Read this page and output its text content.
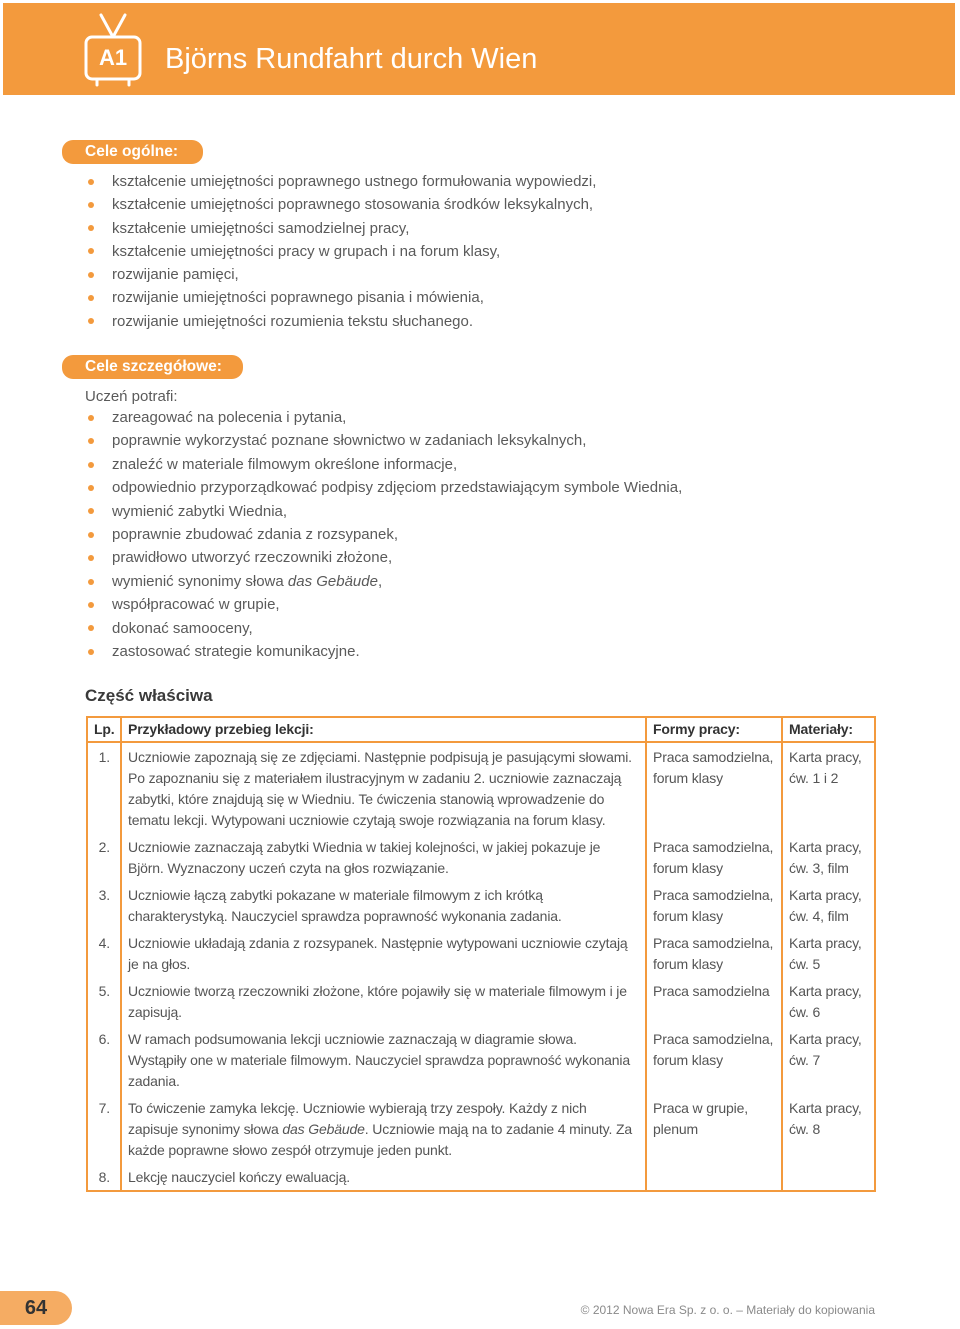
A1	Björns Rundfahrt durch Wien
Cele ogólne:
kształcenie umiejętności poprawnego ustnego formułowania wypowiedzi,
kształcenie umiejętności poprawnego stosowania środków leksykalnych,
kształcenie umiejętności samodzielnej pracy,
kształcenie umiejętności pracy w grupach i na forum klasy,
rozwijanie pamięci,
rozwijanie umiejętności poprawnego pisania i mówienia,
rozwijanie umiejętności rozumienia tekstu słuchanego.
Cele szczegółowe:
Uczeń potrafi:
zareagować na polecenia i pytania,
poprawnie wykorzystać poznane słownictwo w zadaniach leksykalnych,
znaleźć w materiale filmowym określone informacje,
odpowiednio przyporządkować podpisy zdjęciom przedstawiającym symbole Wiednia,
wymienić zabytki Wiednia,
poprawnie zbudować zdania z rozsypanek,
prawidłowo utworzyć rzeczowniki złożone,
wymienić synonimy słowa das Gebäude,
współpracować w grupie,
dokonać samooceny,
zastosować strategie komunikacyjne.
Część właściwa
Lp.	Przykładowy przebieg lekcji:	Formy pracy:	Materiały:
1.	Uczniowie zapoznają się ze zdjęciami. Następnie podpisują je pasującymi słowami. Po zapoznaniu się z materiałem ilustracyjnym w zadaniu 2. uczniowie zaznaczają zabytki, które znajdują się w Wiedniu. Te ćwiczenia stanowią wprowadzenie do tematu lekcji. Wytypowani uczniowie czytają swoje rozwiązania na forum klasy.	Praca samodzielna, forum klasy	Karta pracy, ćw. 1 i 2
2.	Uczniowie zaznaczają zabytki Wiednia w takiej kolejności, w jakiej pokazuje je Björn. Wyznaczony uczeń czyta na głos rozwiązanie.	Praca samodzielna, forum klasy	Karta pracy, ćw. 3, film
3.	Uczniowie łączą zabytki pokazane w materiale filmowym z ich krótką charakterystyką. Nauczyciel sprawdza poprawność wykonania zadania.	Praca samodzielna, forum klasy	Karta pracy, ćw. 4, film
4.	Uczniowie układają zdania z rozsypanek. Następnie wytypowani uczniowie czytają je na głos.	Praca samodzielna, forum klasy	Karta pracy, ćw. 5
5.	Uczniowie tworzą rzeczowniki złożone, które pojawiły się w materiale filmowym i je zapisują.	Praca samodzielna	Karta pracy, ćw. 6
6.	W ramach podsumowania lekcji uczniowie zaznaczają w diagramie słowa. Wystąpiły one w materiale filmowym. Nauczyciel sprawdza poprawność wykonania zadania.	Praca samodzielna, forum klasy	Karta pracy, ćw. 7
7.	To ćwiczenie zamyka lekcję. Uczniowie wybierają trzy zespoły. Każdy z nich zapisuje synonimy słowa das Gebäude. Uczniowie mają na to zadanie 4 minuty. Za każde poprawne słowo zespół otrzymuje jeden punkt.	Praca w grupie, plenum	Karta pracy, ćw. 8
8.	Lekcję nauczyciel kończy ewaluacją.		
64	© 2012 Nowa Era Sp. z o. o. – Materiały do kopiowania
